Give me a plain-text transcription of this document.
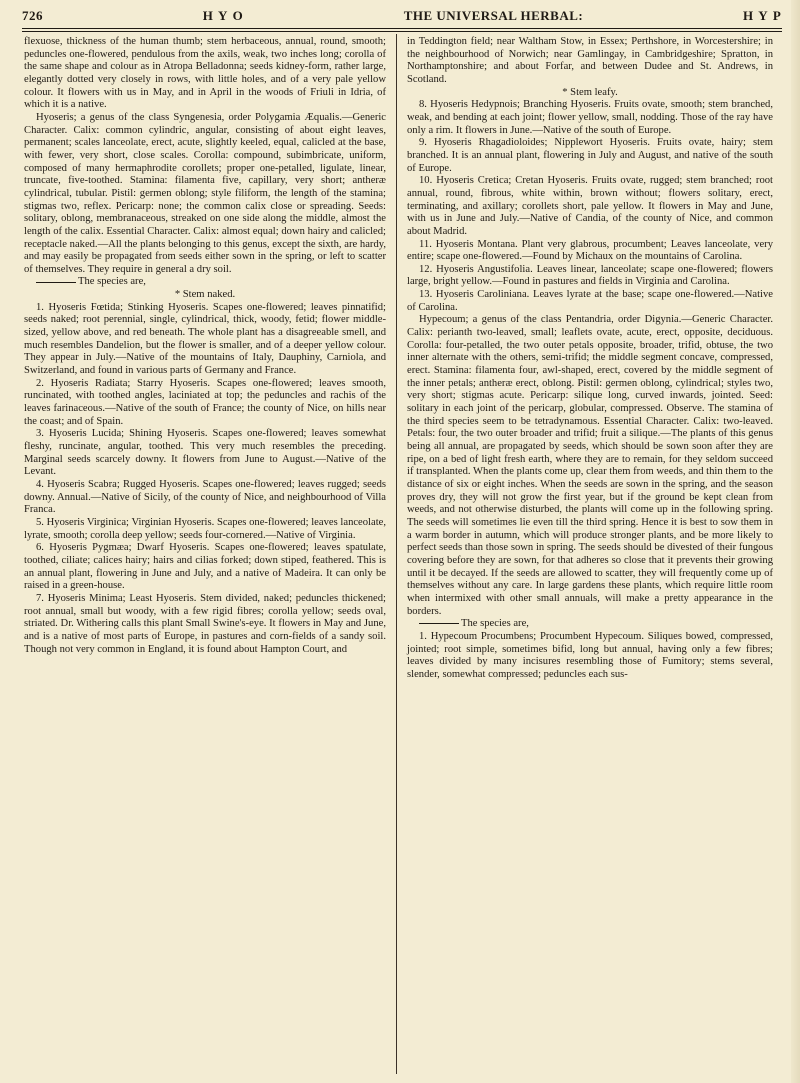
726	H Y O	THE UNIVERSAL HERBAL:	H Y P

flexuose, thickness of the human thumb; stem herbaceous, annual, round, smooth; peduncles one-flowered, pendulous from the axils, weak, two inches long; corolla of the same shape and colour as in Atropa Belladonna; seeds kidney-form, rather large, elegantly dotted very closely in rows, with little holes, and of a very pale yellow colour. It flowers with us in May, and in April in the woods of Friuli in Idria, of which it is a native.

Hyoseris; a genus of the class Syngenesia, order Polygamia Æqualis.—Generic Character. Calix: common cylindric, angular, consisting of about eight leaves, permanent; scales lanceolate, erect, acute, slightly keeled, equal, calicled at the base, with fewer, very short, close scales. Corolla: compound, subimbricate, uniform, composed of many hermaphrodite corollets; proper one-petalled, ligulate, linear, truncate, five-toothed. Stamina: filamenta five, capillary, very short; antheræ cylindrical, tubular. Pistil: germen oblong; style filiform, the length of the stamina; stigmas two, reflex. Pericarp: none; the common calix close or spreading. Seeds: solitary, oblong, membranaceous, streaked on one side along the middle, almost the length of the calix. Essential Character. Calix: almost equal; down hairy and calicled; receptacle naked.—All the plants belonging to this genus, except the sixth, are hardy, and may easily be propagated from seeds either sown in the spring, or left to scatter of themselves. They require in general a dry soil.

The species are,

* Stem naked.

1. Hyoseris Fœtida; Stinking Hyoseris. Scapes one-flowered; leaves pinnatifid; seeds naked; root perennial, single, cylindrical, thick, woody, fetid; flower middle-sized, yellow above, and red beneath. The whole plant has a disagreeable smell, and much resembles Dandelion, but the flower is smaller, and of a deeper yellow colour. They appear in July.—Native of the mountains of Italy, Dauphiny, Carniola, and Switzerland, and found in various parts of Germany and France.

2. Hyoseris Radiata; Starry Hyoseris. Scapes one-flowered; leaves smooth, runcinated, with toothed angles, laciniated at top; the peduncles and rachis of the leaves farinaceous.—Native of the south of France; the county of Nice, on hills near the coast; and of Spain.

3. Hyoseris Lucida; Shining Hyoseris. Scapes one-flowered; leaves somewhat fleshy, runcinate, angular, toothed. This very much resembles the preceding. Marginal seeds scarcely downy. It flowers from June to August.—Native of the Levant.

4. Hyoseris Scabra; Rugged Hyoseris. Scapes one-flowered; leaves rugged; seeds downy. Annual.—Native of Sicily, of the county of Nice, and neighbourhood of Villa Franca.

5. Hyoseris Virginica; Virginian Hyoseris. Scapes one-flowered; leaves lanceolate, lyrate, smooth; corolla deep yellow; seeds four-cornered.—Native of Virginia.

6. Hyoseris Pygmæa; Dwarf Hyoseris. Scapes one-flowered; leaves spatulate, toothed, ciliate; calices hairy; hairs and cilias forked; down stiped, feathered. This is an annual plant, flowering in June and July, and a native of Madeira. It can only be raised in a green-house.

7. Hyoseris Minima; Least Hyoseris. Stem divided, naked; peduncles thickened; root annual, small but woody, with a few rigid fibres; corolla yellow; seeds oval, striated. Dr. Withering calls this plant Small Swine's-eye. It flowers in May and June, and is a native of most parts of Europe, in pastures and corn-fields of a sandy soil. Though not very common in England, it is found about Hampton Court, and

in Teddington field; near Waltham Stow, in Essex; Perthshore, in Worcestershire; in the neighbourhood of Norwich; near Gamlingay, in Cambridgeshire; Spratton, in Northamptonshire; and about Forfar, and between Dudee and St. Andrews, in Scotland.

* Stem leafy.

8. Hyoseris Hedypnois; Branching Hyoseris. Fruits ovate, smooth; stem branched, weak, and bending at each joint; flower yellow, small, nodding. Those of the ray have only a rim. It flowers in June.—Native of the south of Europe.

9. Hyoseris Rhagadioloides; Nipplewort Hyoseris. Fruits ovate, hairy; stem branched. It is an annual plant, flowering in July and August, and native of the south of Europe.

10. Hyoseris Cretica; Cretan Hyoseris. Fruits ovate, rugged; stem branched; root annual, round, fibrous, white within, brown without; flowers solitary, erect, terminating, and axillary; corollets short, pale yellow. It flowers in May and June, with us in June and July.—Native of Candia, of the county of Nice, and common about Madrid.

11. Hyoseris Montana. Plant very glabrous, procumbent; Leaves lanceolate, very entire; scape one-flowered.—Found by Michaux on the mountains of Carolina.

12. Hyoseris Angustifolia. Leaves linear, lanceolate; scape one-flowered; flowers large, bright yellow.—Found in pastures and fields in Virginia and Carolina.

13. Hyoseris Caroliniana. Leaves lyrate at the base; scape one-flowered.—Native of Carolina.

Hypecoum; a genus of the class Pentandria, order Digynia.—Generic Character. Calix: perianth two-leaved, small; leaflets ovate, acute, erect, opposite, deciduous. Corolla: four-petalled, the two outer petals opposite, broader, trifid, obtuse, the two inner alternate with the others, semi-trifid; the middle segment concave, compressed, erect. Stamina: filamenta four, awl-shaped, erect, covered by the middle segment of the inner petals; antheræ erect, oblong. Pistil: germen oblong, cylindrical; styles two, very short; stigmas acute. Pericarp: silique long, curved inwards, jointed. Seed: solitary in each joint of the pericarp, globular, compressed. Observe. The stamina of the third species seem to be tetradynamous. Essential Character. Calix: two-leaved. Petals: four, the two outer broader and trifid; fruit a silique.—The plants of this genus being all annual, are propagated by seeds, which should be sown soon after they are ripe, on a bed of light fresh earth, where they are to remain, for they seldom succeed if transplanted. When the plants come up, clear them from weeds, and thin them to the distance of six or eight inches. When the seeds are sown in the spring, and the season proves dry, they will not grow the first year, but if the ground be kept clean from weeds, and not otherwise disturbed, the plants will come up in the following spring. The seeds will sometimes lie even till the third spring. Hence it is best to sow them in a warm border in autumn, which will produce stronger plants, and be more likely to perfect seeds than those sown in spring. The seeds should be divested of their fungous covering before they are sown, for that adheres so close that it prevents their growing until it be decayed. If the seeds are allowed to scatter, they will frequently come up of themselves without any care. In large gardens these plants, which require little room when intermixed with other small annuals, will make a pretty appearance in the borders.

The species are,

1. Hypecoum Procumbens; Procumbent Hypecoum. Siliques bowed, compressed, jointed; root simple, sometimes bifid, long but annual, having only a few fibres; leaves divided by many incisures resembling those of Fumitory; stems several, slender, somewhat compressed; peduncles each sus-
